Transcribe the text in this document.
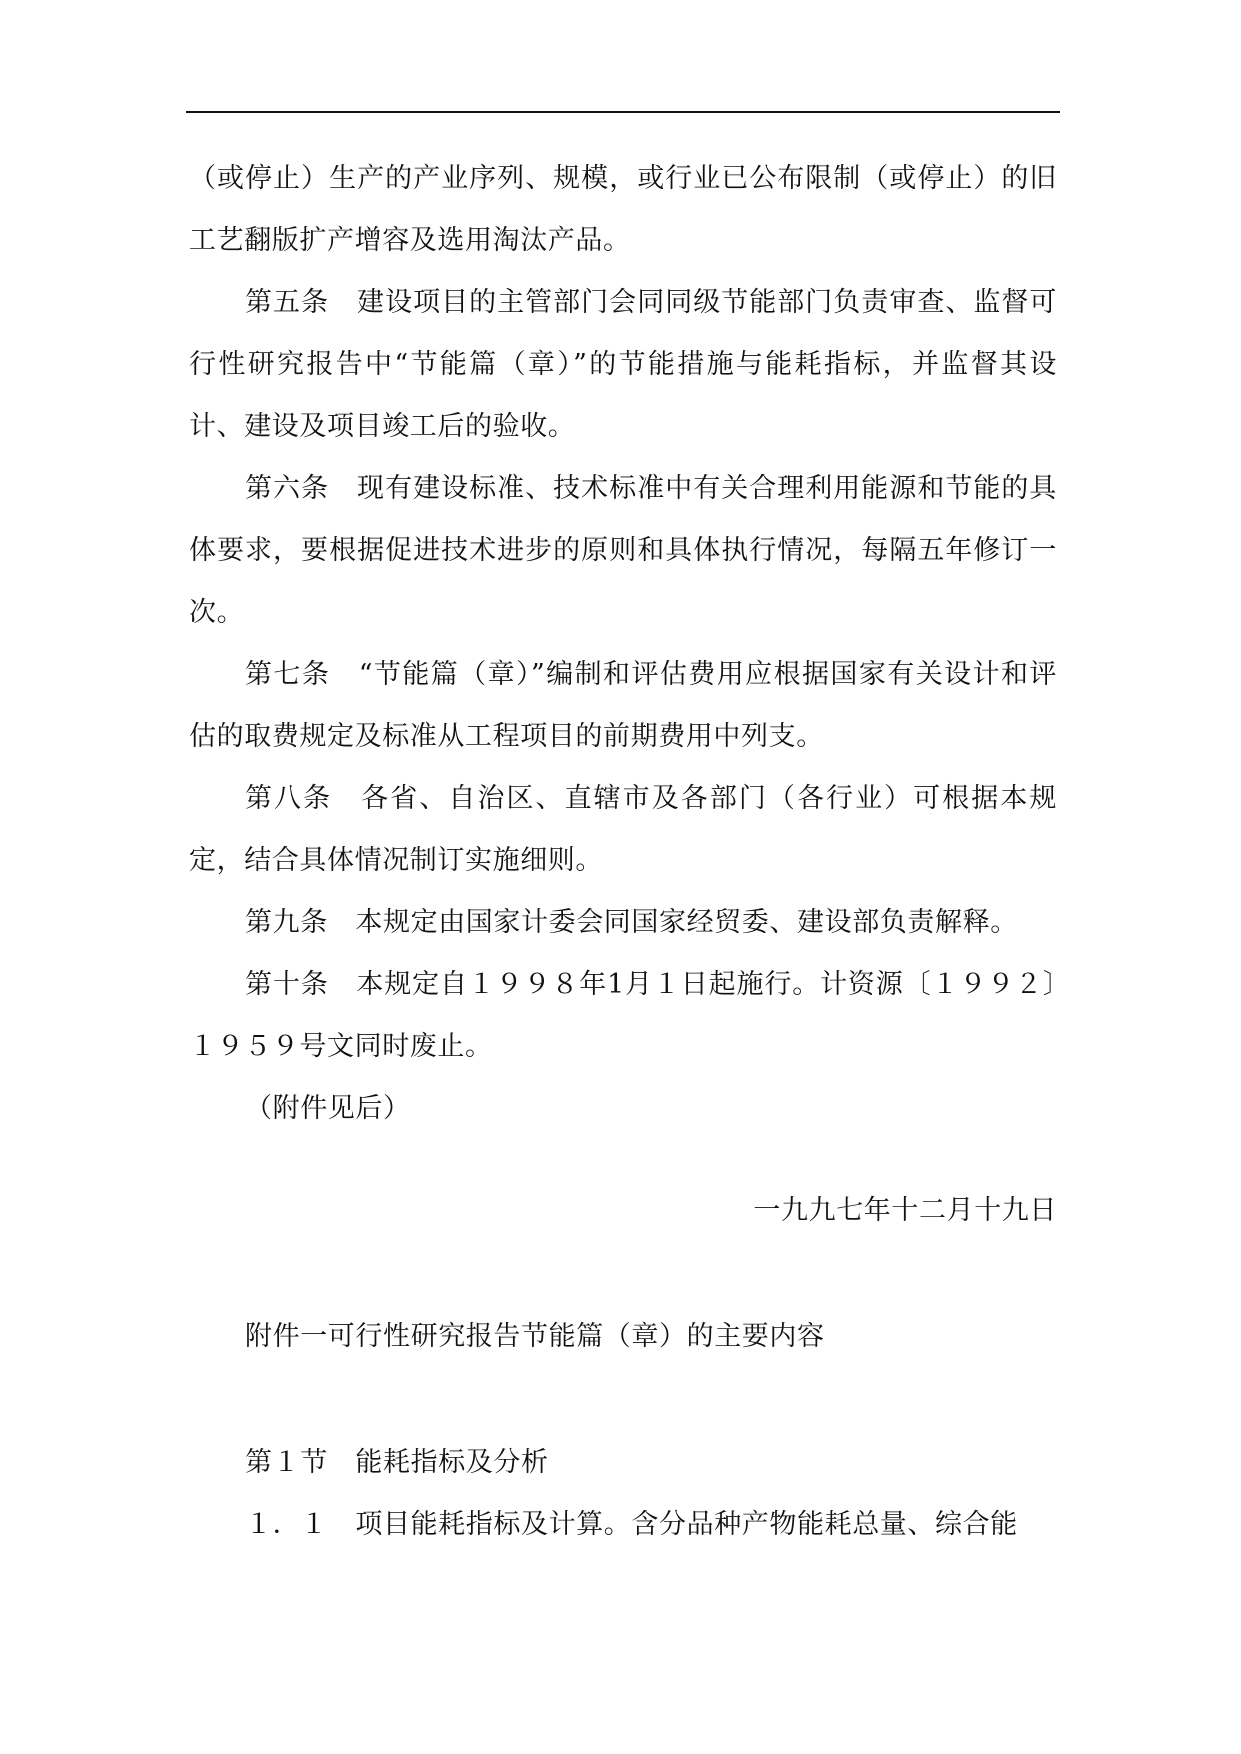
（或停止）生产的产业序列、规模，或行业已公布限制（或停止）的旧工艺翻版扩产增容及选用淘汰产品。

第五条　建设项目的主管部门会同同级节能部门负责审查、监督可行性研究报告中“节能篇（章）”的节能措施与能耗指标，并监督其设计、建设及项目竣工后的验收。

第六条　现有建设标准、技术标准中有关合理利用能源和节能的具体要求，要根据促进技术进步的原则和具体执行情况，每隔五年修订一次。

第七条　“节能篇（章）”编制和评估费用应根据国家有关设计和评估的取费规定及标准从工程项目的前期费用中列支。

第八条　各省、自治区、直辖市及各部门（各行业）可根据本规定，结合具体情况制订实施细则。

第九条　本规定由国家计委会同国家经贸委、建设部负责解释。

第十条　本规定自１９９８年1月１日起施行。计资源〔１９９２〕１９５９号文同时废止。

（附件见后）

一九九七年十二月十九日

附件一可行性研究报告节能篇（章）的主要内容

第１节　能耗指标及分析

１．１　项目能耗指标及计算。含分品种产物能耗总量、综合能
